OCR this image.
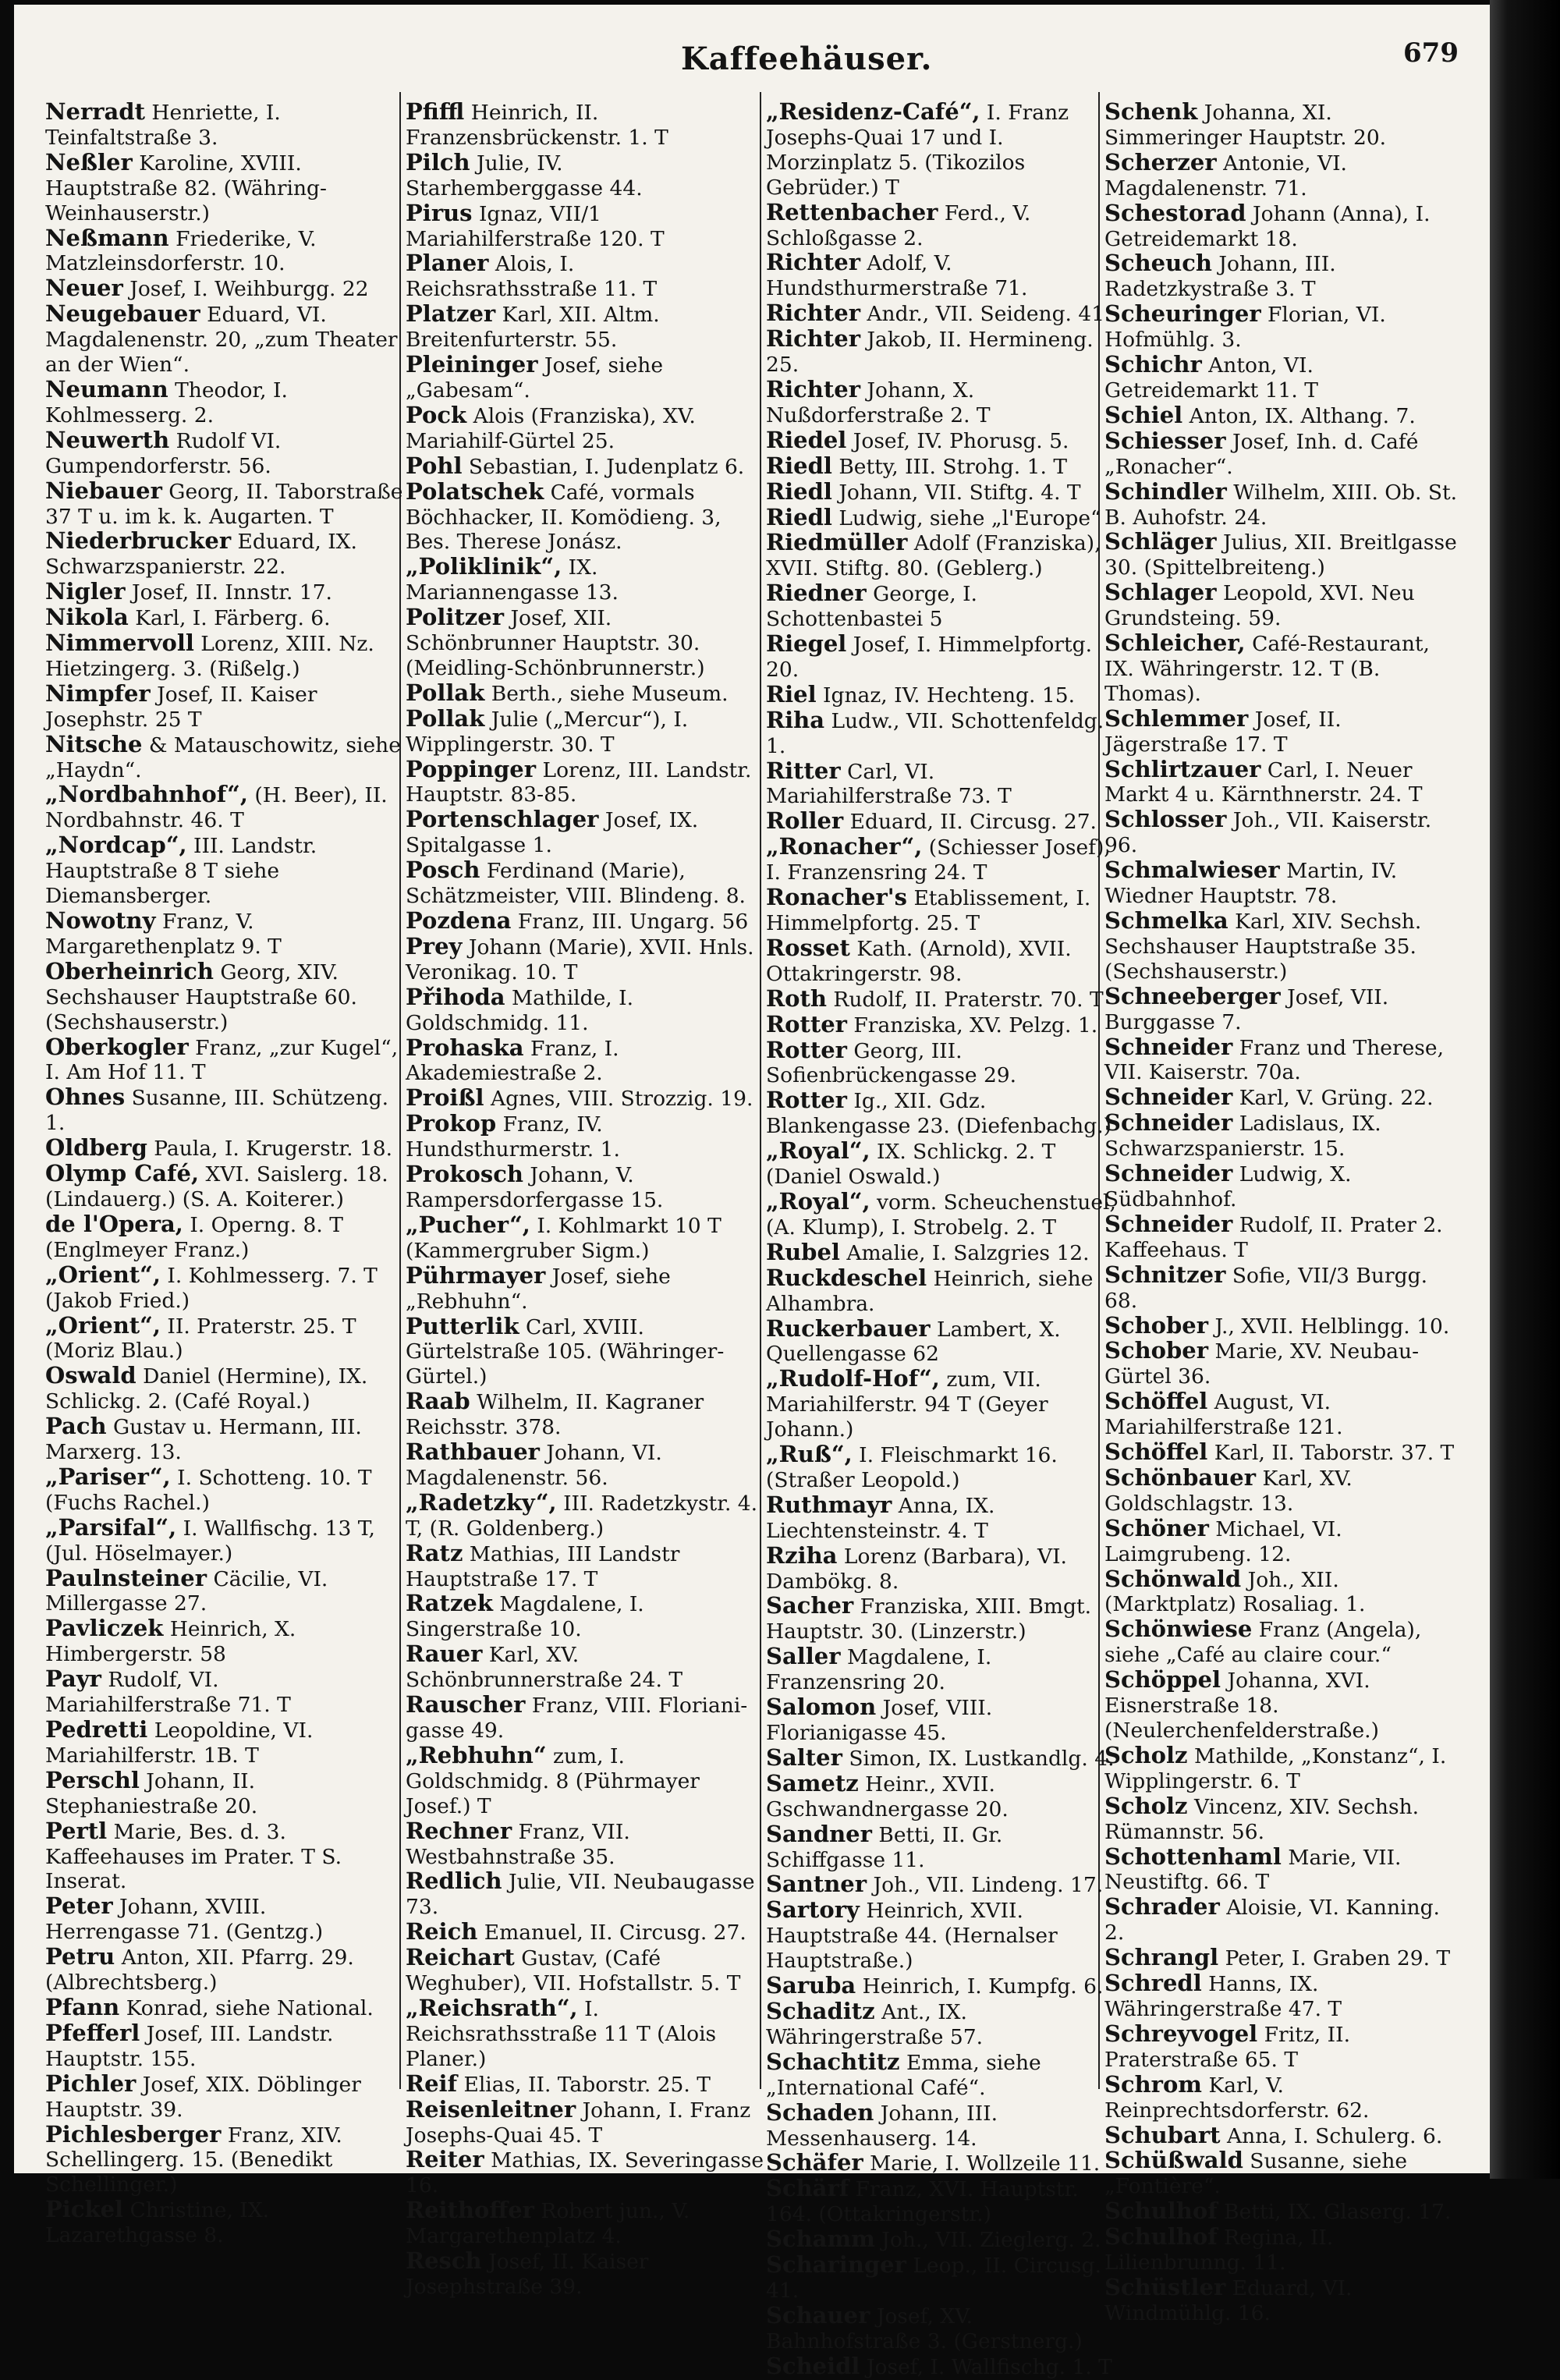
Kaffeehäuser.	679

Nerradt Henriette, I. Teinfaltstraße 3.

Neßler Karoline, XVIII. Hauptstraße 82. (Währing-Weinhauserstr.)

Neßmann Friederike, V. Matzleinsdorferstr. 10.

Neuer Josef, I. Weihburgg. 22

Neugebauer Eduard, VI. Magdalenenstr. 20, „zum Theater an der Wien“.

Neumann Theodor, I. Kohlmesserg. 2.

Neuwerth Rudolf VI. Gumpendorferstr. 56.

Niebauer Georg, II. Taborstraße 37 T u. im k. k. Augarten. T

Niederbrucker Eduard, IX. Schwarzspanierstr. 22.

Nigler Josef, II. Innstr. 17.

Nikola Karl, I. Färberg. 6.

Nimmervoll Lorenz, XIII. Nz. Hietzingerg. 3. (Rißelg.)

Nimpfer Josef, II. Kaiser Josephstr. 25 T

Nitsche & Matauschowitz, siehe „Haydn“.

„Nordbahnhof“, (H. Beer), II. Nordbahnstr. 46. T

„Nordcap“, III. Landstr. Hauptstraße 8 T siehe Diemansberger.

Nowotny Franz, V. Margarethenplatz 9. T

Oberheinrich Georg, XIV. Sechshauser Hauptstraße 60. (Sechshauserstr.)

Oberkogler Franz, „zur Kugel“, I. Am Hof 11. T

Ohnes Susanne, III. Schützeng. 1.

Oldberg Paula, I. Krugerstr. 18.

Olymp Café, XVI. Saislerg. 18. (Lindauerg.) (S. A. Koiterer.)

de l'Opera, I. Operng. 8. T (Englmeyer Franz.)

„Orient“, I. Kohlmesserg. 7. T (Jakob Fried.)

„Orient“, II. Praterstr. 25. T (Moriz Blau.)

Oswald Daniel (Hermine), IX. Schlickg. 2. (Café Royal.)

Pach Gustav u. Hermann, III. Marxerg. 13.

„Pariser“, I. Schotteng. 10. T (Fuchs Rachel.)

„Parsifal“, I. Wallfischg. 13 T, (Jul. Höselmayer.)

Paulnsteiner Cäcilie, VI. Millergasse 27.

Pavliczek Heinrich, X. Himbergerstr. 58

Payr Rudolf, VI. Mariahilferstraße 71. T

Pedretti Leopoldine, VI. Mariahilferstr. 1B. T

Perschl Johann, II. Stephaniestraße 20.

Pertl Marie, Bes. d. 3. Kaffeehauses im Prater. T S. Inserat.

Peter Johann, XVIII. Herrengasse 71. (Gentzg.)

Petru Anton, XII. Pfarrg. 29. (Albrechtsberg.)

Pfann Konrad, siehe National.

Pfefferl Josef, III. Landstr. Hauptstr. 155.

Pichler Josef, XIX. Döblinger Hauptstr. 39.

Pichlesberger Franz, XIV. Schellingerg. 15. (Benedikt Schellinger.)

Pickel Christine, IX. Lazarethgasse 8.

Pfiffl Heinrich, II. Franzensbrückenstr. 1. T

Pilch Julie, IV. Starhemberggasse 44.

Pirus Ignaz, VII/1 Mariahilferstraße 120. T

Planer Alois, I. Reichsrathsstraße 11. T

Platzer Karl, XII. Altm. Breitenfurterstr. 55.

Pleininger Josef, siehe „Gabesam“.

Pock Alois (Franziska), XV. Mariahilf-Gürtel 25.

Pohl Sebastian, I. Judenplatz 6.

Polatschek Café, vormals Böchhacker, II. Komödieng. 3, Bes. Therese Jonász.

„Poliklinik“, IX. Mariannengasse 13.

Politzer Josef, XII. Schönbrunner Hauptstr. 30. (Meidling-Schönbrunnerstr.)

Pollak Berth., siehe Museum.

Pollak Julie („Mercur“), I. Wipplingerstr. 30. T

Poppinger Lorenz, III. Landstr. Hauptstr. 83-85.

Portenschlager Josef, IX. Spitalgasse 1.

Posch Ferdinand (Marie), Schätzmeister, VIII. Blindeng. 8.

Pozdena Franz, III. Ungarg. 56

Prey Johann (Marie), XVII. Hnls. Veronikag. 10. T

Přihoda Mathilde, I. Goldschmidg. 11.

Prohaska Franz, I. Akademiestraße 2.

Proißl Agnes, VIII. Strozzig. 19.

Prokop Franz, IV. Hundsthurmerstr. 1.

Prokosch Johann, V. Rampersdorfergasse 15.

„Pucher“, I. Kohlmarkt 10 T (Kammergruber Sigm.)

Pührmayer Josef, siehe „Rebhuhn“.

Putterlik Carl, XVIII. Gürtelstraße 105. (Währinger-Gürtel.)

Raab Wilhelm, II. Kagraner Reichsstr. 378.

Rathbauer Johann, VI. Magdalenenstr. 56.

„Radetzky“, III. Radetzkystr. 4. T, (R. Goldenberg.)

Ratz Mathias, III Landstr Hauptstraße 17. T

Ratzek Magdalene, I. Singerstraße 10.

Rauer Karl, XV. Schönbrunnerstraße 24. T

Rauscher Franz, VIII. Floriani-gasse 49.

„Rebhuhn“ zum, I. Goldschmidg. 8 (Pührmayer Josef.) T

Rechner Franz, VII. Westbahnstraße 35.

Redlich Julie, VII. Neubaugasse 73.

Reich Emanuel, II. Circusg. 27.

Reichart Gustav, (Café Weghuber), VII. Hofstallstr. 5. T

„Reichsrath“, I. Reichsrathsstraße 11 T (Alois Planer.)

Reif Elias, II. Taborstr. 25. T

Reisenleitner Johann, I. Franz Josephs-Quai 45. T

Reiter Mathias, IX. Severingasse 16.

Reithoffer Robert jun., V. Margarethenplatz 4.

Resch Josef, II. Kaiser Josephstraße 39.

„Residenz-Café“, I. Franz Josephs-Quai 17 und I. Morzinplatz 5. (Tikozilos Gebrüder.) T

Rettenbacher Ferd., V. Schloßgasse 2.

Richter Adolf, V. Hundsthurmerstraße 71.

Richter Andr., VII. Seideng. 41.

Richter Jakob, II. Hermineng. 25.

Richter Johann, X. Nußdorferstraße 2. T

Riedel Josef, IV. Phorusg. 5.

Riedl Betty, III. Strohg. 1. T

Riedl Johann, VII. Stiftg. 4. T

Riedl Ludwig, siehe „l'Europe“

Riedmüller Adolf (Franziska), XVII. Stiftg. 80. (Geblerg.)

Riedner George, I. Schottenbastei 5

Riegel Josef, I. Himmelpfortg. 20.

Riel Ignaz, IV. Hechteng. 15.

Riha Ludw., VII. Schottenfeldg. 1.

Ritter Carl, VI. Mariahilferstraße 73. T

Roller Eduard, II. Circusg. 27.

„Ronacher“, (Schiesser Josef), I. Franzensring 24. T

Ronacher's Etablissement, I. Himmelpfortg. 25. T

Rosset Kath. (Arnold), XVII. Ottakringerstr. 98.

Roth Rudolf, II. Praterstr. 70. T

Rotter Franziska, XV. Pelzg. 1.

Rotter Georg, III. Sofienbrückengasse 29.

Rotter Ig., XII. Gdz. Blankengasse 23. (Diefenbachg.)

„Royal“, IX. Schlickg. 2. T (Daniel Oswald.)

„Royal“, vorm. Scheuchenstuel, (A. Klump), I. Strobelg. 2. T

Rubel Amalie, I. Salzgries 12.

Ruckdeschel Heinrich, siehe Alhambra.

Ruckerbauer Lambert, X. Quellengasse 62

„Rudolf-Hof“, zum, VII. Mariahilferstr. 94 T (Geyer Johann.)

„Ruß“, I. Fleischmarkt 16. (Straßer Leopold.)

Ruthmayr Anna, IX. Liechtensteinstr. 4. T

Rziha Lorenz (Barbara), VI. Dambökg. 8.

Sacher Franziska, XIII. Bmgt. Hauptstr. 30. (Linzerstr.)

Saller Magdalene, I. Franzensring 20.

Salomon Josef, VIII. Florianigasse 45.

Salter Simon, IX. Lustkandlg. 4.

Sametz Heinr., XVII. Gschwandnergasse 20.

Sandner Betti, II. Gr. Schiffgasse 11.

Santner Joh., VII. Lindeng. 17.

Sartory Heinrich, XVII. Hauptstraße 44. (Hernalser Hauptstraße.)

Saruba Heinrich, I. Kumpfg. 6.

Schaditz Ant., IX. Währingerstraße 57.

Schachtitz Emma, siehe „International Café“.

Schaden Johann, III. Messenhauserg. 14.

Schäfer Marie, I. Wollzeile 11.

Schärf Franz, XVI. Hauptstr. 164. (Ottakringerstr.)

Schamm Joh., VII. Zieglerg. 2.

Scharinger Leop., II. Circusg. 41.

Schauer Josef, XV. Bahnhofstraße 3. (Gerstnerg.)

Scheidl Josef, I. Wallfischg. 1. T

Schenk Johanna, XI. Simmeringer Hauptstr. 20.

Scherzer Antonie, VI. Magdalenenstr. 71.

Schestorad Johann (Anna), I. Getreidemarkt 18.

Scheuch Johann, III. Radetzkystraße 3. T

Scheuringer Florian, VI. Hofmühlg. 3.

Schichr Anton, VI. Getreidemarkt 11. T

Schiel Anton, IX. Althang. 7.

Schiesser Josef, Inh. d. Café „Ronacher“.

Schindler Wilhelm, XIII. Ob. St. B. Auhofstr. 24.

Schläger Julius, XII. Breitlgasse 30. (Spittelbreiteng.)

Schlager Leopold, XVI. Neu Grundsteing. 59.

Schleicher, Café-Restaurant, IX. Währingerstr. 12. T (B. Thomas).

Schlemmer Josef, II. Jägerstraße 17. T

Schlirtzauer Carl, I. Neuer Markt 4 u. Kärnthnerstr. 24. T

Schlosser Joh., VII. Kaiserstr. 96.

Schmalwieser Martin, IV. Wiedner Hauptstr. 78.

Schmelka Karl, XIV. Sechsh. Sechshauser Hauptstraße 35. (Sechshauserstr.)

Schneeberger Josef, VII. Burggasse 7.

Schneider Franz und Therese, VII. Kaiserstr. 70a.

Schneider Karl, V. Grüng. 22.

Schneider Ladislaus, IX. Schwarzspanierstr. 15.

Schneider Ludwig, X. Südbahnhof.

Schneider Rudolf, II. Prater 2. Kaffeehaus. T

Schnitzer Sofie, VII/3 Burgg. 68.

Schober J., XVII. Helblingg. 10.

Schober Marie, XV. Neubau-Gürtel 36.

Schöffel August, VI. Mariahilferstraße 121.

Schöffel Karl, II. Taborstr. 37. T

Schönbauer Karl, XV. Goldschlagstr. 13.

Schöner Michael, VI. Laimgrubeng. 12.

Schönwald Joh., XII. (Marktplatz) Rosaliag. 1.

Schönwiese Franz (Angela), siehe „Café au claire cour.“

Schöppel Johanna, XVI. Eisnerstraße 18. (Neulerchenfelderstraße.)

Scholz Mathilde, „Konstanz“, I. Wipplingerstr. 6. T

Scholz Vincenz, XIV. Sechsh. Rümannstr. 56.

Schottenhaml Marie, VII. Neustiftg. 66. T

Schrader Aloisie, VI. Kanning. 2.

Schrangl Peter, I. Graben 29. T

Schredl Hanns, IX. Währingerstraße 47. T

Schreyvogel Fritz, II. Praterstraße 65. T

Schrom Karl, V. Reinprechtsdorferstr. 62.

Schubart Anna, I. Schulerg. 6.

Schüßwald Susanne, siehe „Fontière“.

Schulhof Betti, IX. Glaserg. 17.

Schulhof Regina, II. Lilienbrunng. 11.

Schüstler Eduard, VI. Windmühlg. 16.
